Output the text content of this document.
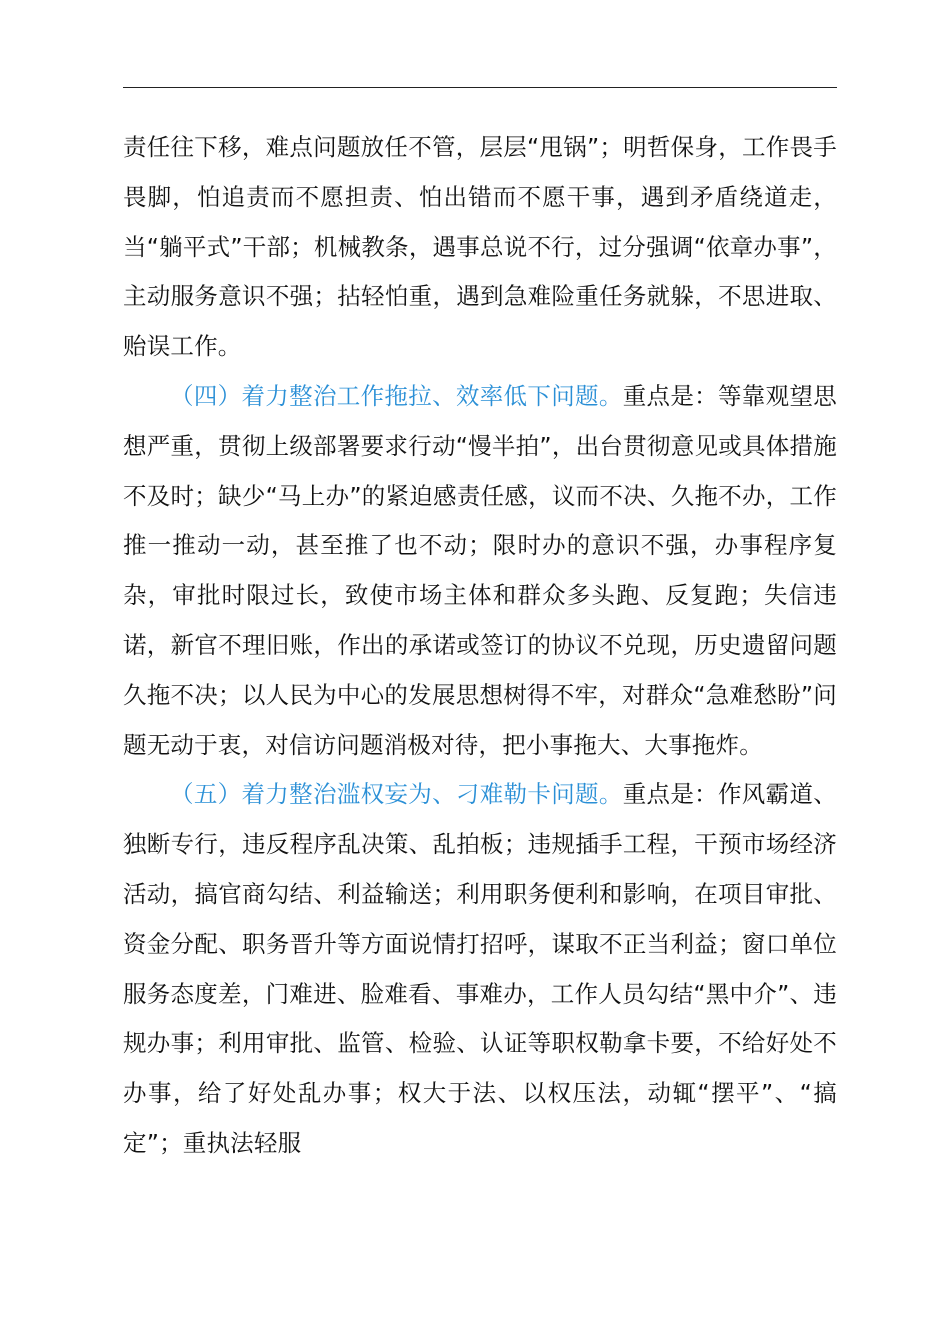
责任往下移，难点问题放任不管，层层“甩锅”；明哲保身，工作畏手畏脚，怕追责而不愿担责、怕出错而不愿干事，遇到矛盾绕道走，当“躺平式”干部；机械教条，遇事总说不行，过分强调“依章办事”，主动服务意识不强；拈轻怕重，遇到急难险重任务就躲，不思进取、贻误工作。

（四）着力整治工作拖拉、效率低下问题。重点是：等靠观望思想严重，贯彻上级部署要求行动“慢半拍”，出台贯彻意见或具体措施不及时；缺少“马上办”的紧迫感责任感，议而不决、久拖不办，工作推一推动一动，甚至推了也不动；限时办的意识不强，办事程序复杂，审批时限过长，致使市场主体和群众多头跑、反复跑；失信违诺，新官不理旧账，作出的承诺或签订的协议不兑现，历史遗留问题久拖不决；以人民为中心的发展思想树得不牢，对群众“急难愁盼”问题无动于衷，对信访问题消极对待，把小事拖大、大事拖炸。

（五）着力整治滥权妄为、刁难勒卡问题。重点是：作风霸道、独断专行，违反程序乱决策、乱拍板；违规插手工程，干预市场经济活动，搞官商勾结、利益输送；利用职务便利和影响，在项目审批、资金分配、职务晋升等方面说情打招呼，谋取不正当利益；窗口单位服务态度差，门难进、脸难看、事难办，工作人员勾结“黑中介”、违规办事；利用审批、监管、检验、认证等职权勒拿卡要，不给好处不办事，给了好处乱办事；权大于法、以权压法，动辄“摆平”、“搞定”；重执法轻服
